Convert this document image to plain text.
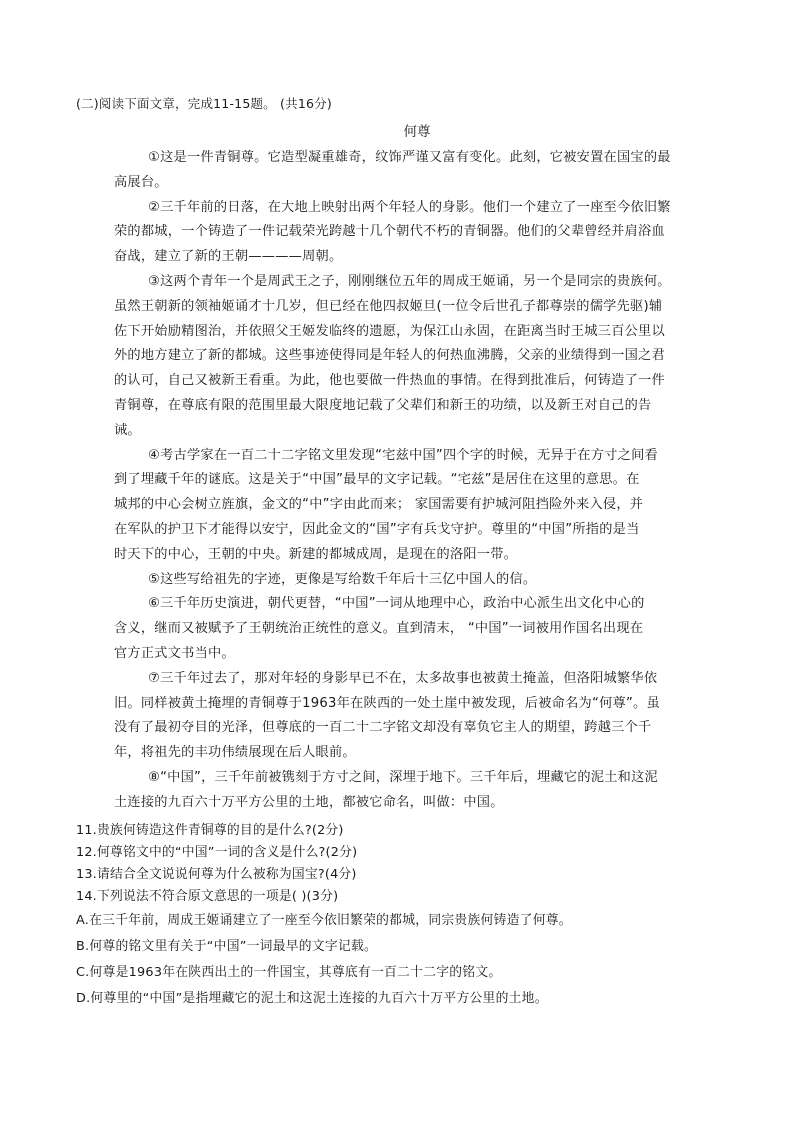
(二)阅读下面文章，完成11-15题。 (共16分)
何尊
①这是一件青铜尊。它造型凝重雄奇，纹饰严谨又富有变化。此刻，它被安置在国宝的最
高展台。
②三千年前的日落，在大地上映射出两个年轻人的身影。他们一个建立了一座至今依旧繁
荣的都城，一个铸造了一件记载荣光跨越十几个朝代不朽的青铜器。他们的父辈曾经并肩浴血
奋战，建立了新的王朝————周朝。
③这两个青年一个是周武王之子，刚刚继位五年的周成王姬诵，另一个是同宗的贵族何。
虽然王朝新的领袖姬诵才十几岁，但已经在他四叔姬旦(一位令后世孔子都尊崇的儒学先驱)辅
佐下开始励精图治，并依照父王姬发临终的遗愿，为保江山永固，在距离当时王城三百公里以
外的地方建立了新的都城。这些事迹使得同是年轻人的何热血沸腾，父亲的业绩得到一国之君
的认可，自己又被新王看重。为此，他也要做一件热血的事情。在得到批准后，何铸造了一件
青铜尊，在尊底有限的范围里最大限度地记载了父辈们和新王的功绩，以及新王对自己的告
诫。
④考古学家在一百二十二字铭文里发现“宅兹中国”四个字的时候，无异于在方寸之间看
到了埋藏千年的谜底。这是关于“中国”最早的文字记载。“宅兹”是居住在这里的意思。在
城邦的中心会树立旌旗，金文的“中”字由此而来； 家国需要有护城河阻挡险外来入侵，并
在军队的护卫下才能得以安宁，因此金文的“国”字有兵戈守护。尊里的“中国”所指的是当
时天下的中心，王朝的中央。新建的都城成周，是现在的洛阳一带。
⑤这些写给祖先的字迹，更像是写给数千年后十三亿中国人的信。
⑥三千年历史演进，朝代更替，“中国”一词从地理中心，政治中心派生出文化中心的
含义，继而又被赋予了王朝统治正统性的意义。直到清末， “中国”一词被用作国名出现在
官方正式文书当中。
⑦三千年过去了，那对年轻的身影早已不在，太多故事也被黄土掩盖，但洛阳城繁华依
旧。同样被黄土掩埋的青铜尊于1963年在陕西的一处土崖中被发现，后被命名为“何尊”。虽
没有了最初夺目的光泽，但尊底的一百二十二字铭文却没有辜负它主人的期望，跨越三个千
年，将祖先的丰功伟绩展现在后人眼前。
⑧“中国”，三千年前被镌刻于方寸之间，深埋于地下。三千年后，埋藏它的泥土和这泥
土连接的九百六十万平方公里的土地，都被它命名，叫做：中国。
11.贵族何铸造这件青铜尊的目的是什么?(2分)
12.何尊铭文中的“中国”一词的含义是什么?(2分)
13.请结合全文说说何尊为什么被称为国宝?(4分)
14.下列说法不符合原文意思的一项是( )(3分)
A.在三千年前，周成王姬诵建立了一座至今依旧繁荣的都城，同宗贵族何铸造了何尊。
B.何尊的铭文里有关于“中国”一词最早的文字记载。
C.何尊是1963年在陕西出土的一件国宝，其尊底有一百二十二字的铭文。
D.何尊里的“中国”是指埋藏它的泥土和这泥土连接的九百六十万平方公里的土地。
